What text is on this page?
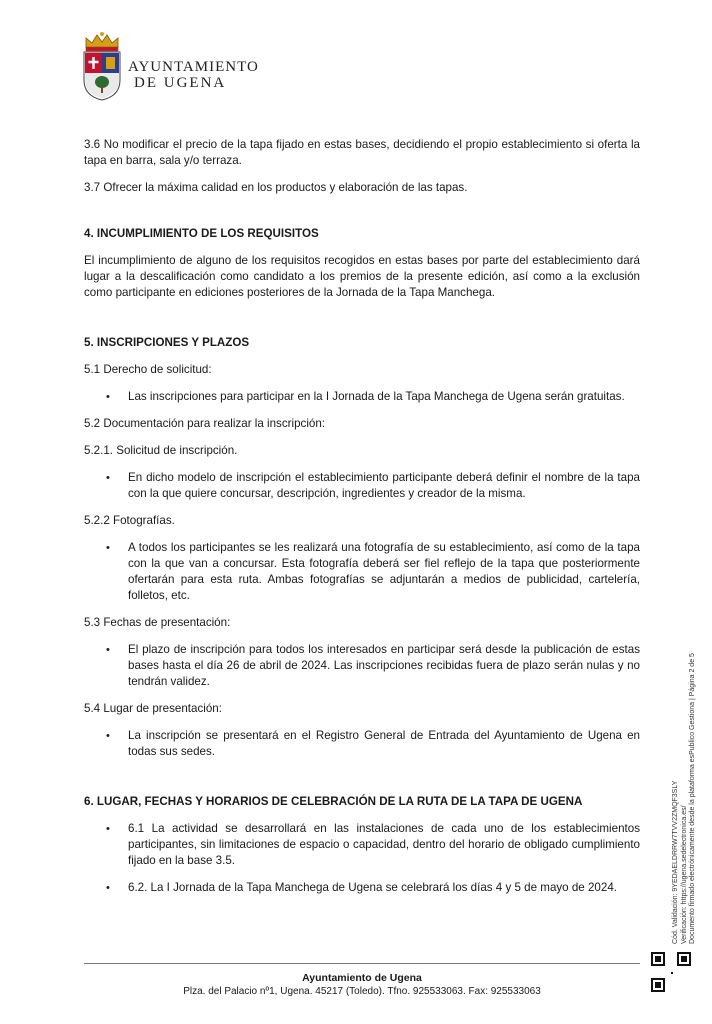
AYUNTAMIENTO
DE UGENA

3.6 No modificar el precio de la tapa fijado en estas bases, decidiendo el propio establecimiento si oferta la tapa en barra, sala y/o terraza.

3.7 Ofrecer la máxima calidad en los productos y elaboración de las tapas.

4. INCUMPLIMIENTO DE LOS REQUISITOS

El incumplimiento de alguno de los requisitos recogidos en estas bases por parte del establecimiento dará lugar a la descalificación como candidato a los premios de la presente edición, así como a la exclusión como participante en ediciones posteriores de la Jornada de la Tapa Manchega.

5. INSCRIPCIONES Y PLAZOS

5.1 Derecho de solicitud:

• Las inscripciones para participar en la I Jornada de la Tapa Manchega de Ugena serán gratuitas.

5.2 Documentación para realizar la inscripción:

5.2.1. Solicitud de inscripción.

• En dicho modelo de inscripción el establecimiento participante deberá definir el nombre de la tapa con la que quiere concursar, descripción, ingredientes y creador de la misma.

5.2.2 Fotografías.

• A todos los participantes se les realizará una fotografía de su establecimiento, así como de la tapa con la que van a concursar. Esta fotografía deberá ser fiel reflejo de la tapa que posteriormente ofertarán para esta ruta. Ambas fotografías se adjuntarán a medios de publicidad, cartelería, folletos, etc.

5.3 Fechas de presentación:

• El plazo de inscripción para todos los interesados en participar será desde la publicación de estas bases hasta el día 26 de abril de 2024. Las inscripciones recibidas fuera de plazo serán nulas y no tendrán validez.

5.4 Lugar de presentación:

• La inscripción se presentará en el Registro General de Entrada del Ayuntamiento de Ugena en todas sus sedes.
6. LUGAR, FECHAS Y HORARIOS DE CELEBRACIÓN DE LA RUTA DE LA TAPA DE UGENA
• 6.1 La actividad se desarrollará en las instalaciones de cada uno de los establecimientos participantes, sin limitaciones de espacio o capacidad, dentro del horario de obligado cumplimiento fijado en la base 3.5.
• 6.2. La I Jornada de la Tapa Manchega de Ugena se celebrará los días 4 y 5 de mayo de 2024.	Cód. Validación: 9YEDAELDRRW7TVV2ZMQF3SLY Verificación: https://ugena.sedelectronica.es/ Documento firmado electrónicamente desde la plataforma esPublico Gestiona | Página 2 de 5
Ayuntamiento de Ugena
Plza. del Palacio nº1, Ugena. 45217 (Toledo). Tfno. 925533063. Fax: 925533063
